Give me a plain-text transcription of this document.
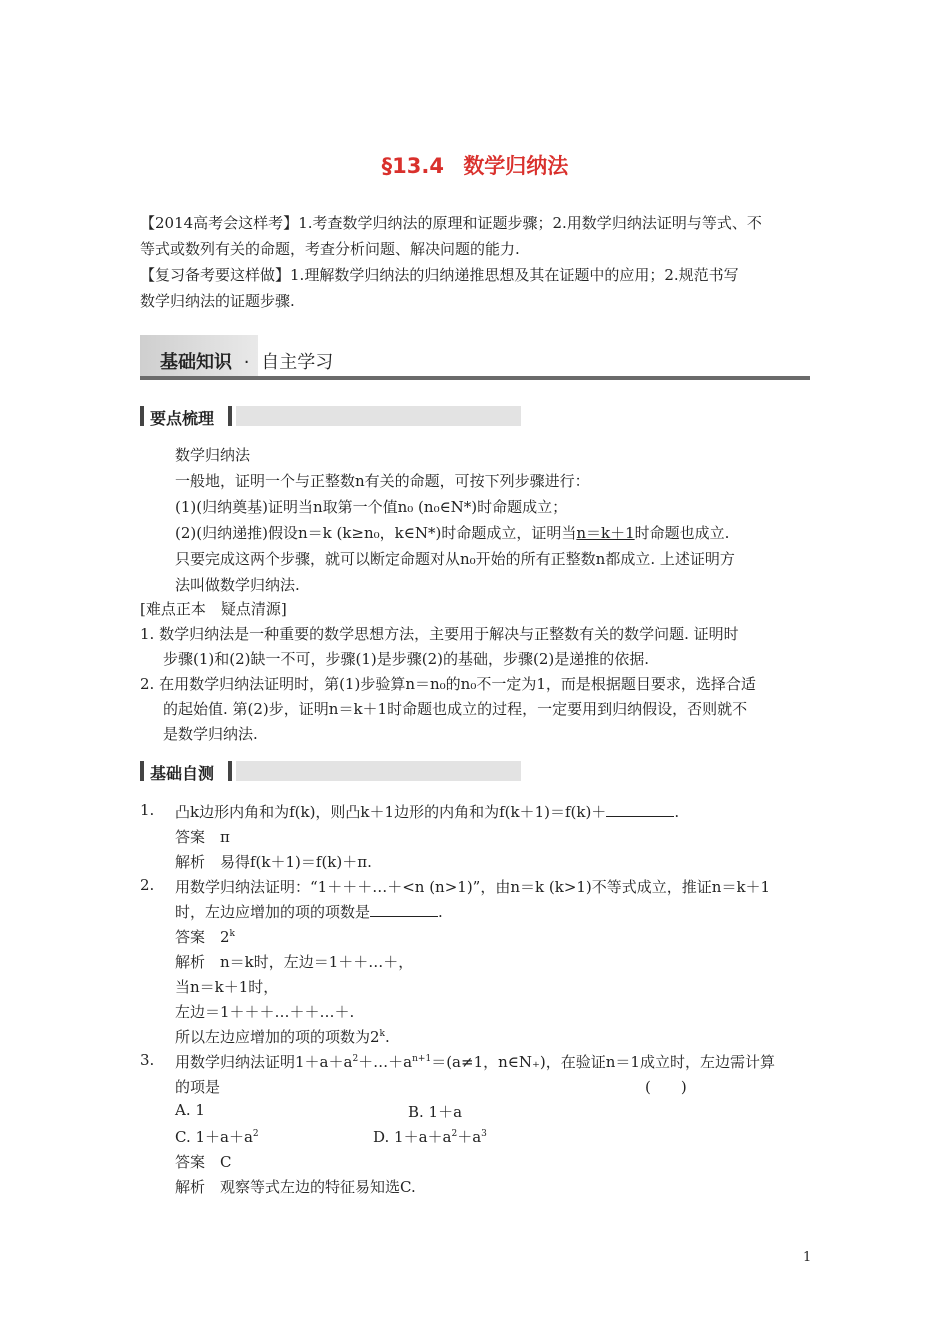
§13.4 数学归纳法
【2014高考会这样考】1.考查数学归纳法的原理和证题步骤；2.用数学归纳法证明与等式、不
等式或数列有关的命题，考查分析问题、解决问题的能力.
【复习备考要这样做】1.理解数学归纳法的归纳递推思想及其在证题中的应用；2.规范书写
数学归纳法的证题步骤.
基础知识 · 自主学习
要点梳理
数学归纳法
一般地，证明一个与正整数n有关的命题，可按下列步骤进行：
(1)(归纳奠基)证明当n取第一个值n₀ (n₀∈N*)时命题成立；
(2)(归纳递推)假设n＝k (k≥n₀，k∈N*)时命题成立，证明当n＝k＋1时命题也成立.
只要完成这两个步骤，就可以断定命题对从n₀开始的所有正整数n都成立. 上述证明方
法叫做数学归纳法.
[难点正本　疑点清源]
1. 数学归纳法是一种重要的数学思想方法，主要用于解决与正整数有关的数学问题. 证明时
步骤(1)和(2)缺一不可，步骤(1)是步骤(2)的基础，步骤(2)是递推的依据.
2. 在用数学归纳法证明时，第(1)步验算n＝n₀的n₀不一定为1，而是根据题目要求，选择合适
的起始值. 第(2)步，证明n＝k＋1时命题也成立的过程，一定要用到归纳假设，否则就不
是数学归纳法.
基础自测
1. 凸k边形内角和为f(k)，则凸k＋1边形的内角和为f(k＋1)＝f(k)＋	.
答案　π
解析　易得f(k＋1)＝f(k)＋π.
2. 用数学归纳法证明：“1＋＋＋…＋<n (n>1)”，由n＝k (k>1)不等式成立，推证n＝k＋1
时，左边应增加的项的项数是	.
答案　2$^k$
解析　n＝k时，左边＝1＋＋…＋，
当n＝k＋1时，
左边＝1＋＋＋…＋＋…＋.
所以左边应增加的项的项数为2$^k$.
3. 用数学归纳法证明$1+a+a^2+\dots+a^{n+1}=(a\ne 1$，n∈N₊)，在验证n＝1成立时，左边需计算
的项是	(　　)
A. 1	B. 1＋a
C. $1+a+a^2$	D. $1+a+a^2+a^3$
答案　C
解析　观察等式左边的特征易知选C.
1
